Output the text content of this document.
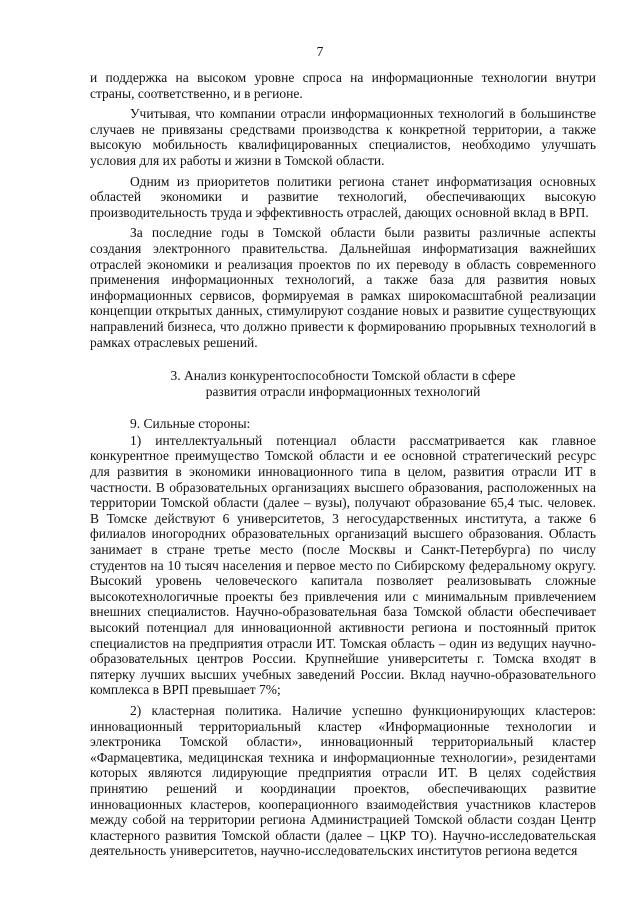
7

и поддержка на высоком уровне спроса на информационные технологии внутри страны, соответственно, и в регионе.

Учитывая, что компании отрасли информационных технологий в большинстве случаев не привязаны средствами производства к конкретной территории, а также высокую мобильность квалифицированных специалистов, необходимо улучшать условия для их работы и жизни в Томской области.

Одним из приоритетов политики региона станет информатизация основных областей экономики и развитие технологий, обеспечивающих высокую производительность труда и эффективность отраслей, дающих основной вклад в ВРП.

За последние годы в Томской области были развиты различные аспекты создания электронного правительства. Дальнейшая информатизация важнейших отраслей экономики и реализация проектов по их переводу в область современного применения информационных технологий, а также база для развития новых информационных сервисов, формируемая в рамках широкомасштабной реализации концепции открытых данных, стимулируют создание новых и развитие существующих направлений бизнеса, что должно привести к формированию прорывных технологий в рамках отраслевых решений.

3. Анализ конкурентоспособности Томской области в сфере
развития отрасли информационных технологий

9. Сильные стороны:

1) интеллектуальный потенциал области рассматривается как главное конкурентное преимущество Томской области и ее основной стратегический ресурс для развития в экономики инновационного типа в целом, развития отрасли ИТ в частности. В образовательных организациях высшего образования, расположенных на территории Томской области (далее – вузы), получают образование 65,4 тыс. человек. В Томске действуют 6 университетов, 3 негосударственных института, а также 6 филиалов иногородних образовательных организаций высшего образования. Область занимает в стране третье место (после Москвы и Санкт-Петербурга) по числу студентов на 10 тысяч населения и первое место по Сибирскому федеральному округу. Высокий уровень человеческого капитала позволяет реализовывать сложные высокотехнологичные проекты без привлечения или с минимальным привлечением внешних специалистов. Научно-образовательная база Томской области обеспечивает высокий потенциал для инновационной активности региона и постоянный приток специалистов на предприятия отрасли ИТ. Томская область – один из ведущих научно-образовательных центров России. Крупнейшие университеты г. Томска входят в пятерку лучших высших учебных заведений России. Вклад научно-образовательного комплекса в ВРП превышает 7%;

2) кластерная политика. Наличие успешно функционирующих кластеров: инновационный территориальный кластер «Информационные технологии и электроника Томской области», инновационный территориальный кластер «Фармацевтика, медицинская техника и информационные технологии», резидентами которых являются лидирующие предприятия отрасли ИТ. В целях содействия принятию решений и координации проектов, обеспечивающих развитие инновационных кластеров, кооперационного взаимодействия участников кластеров между собой на территории региона Администрацией Томской области создан Центр кластерного развития Томской области (далее – ЦКР ТО). Научно-исследовательская деятельность университетов, научно-исследовательских институтов региона ведется
